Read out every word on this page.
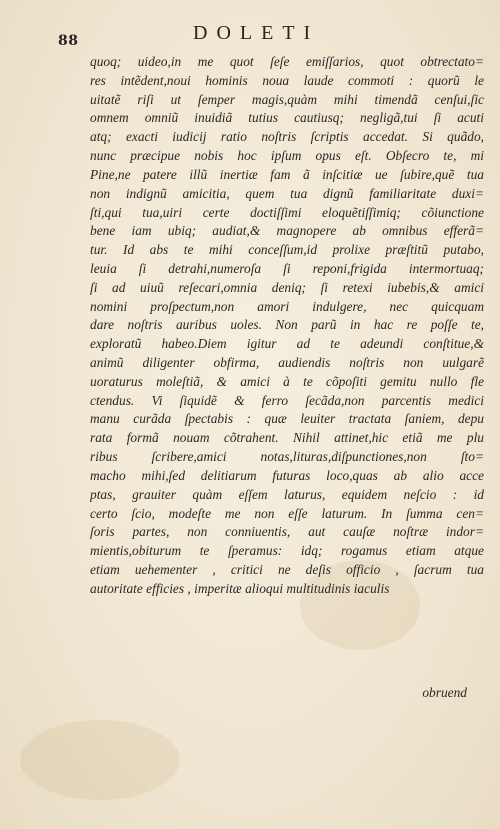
88	DOLETI
quoq; uideo,in me quot ſeſe emiſſarios, quot obtrectato=
res intẽdent,noui hominis noua laude commoti : quorũ le
uitatẽ riſi ut ſemper magis,quàm mihi timendã cenſui,ſic
omnem omniũ inuidiã tutius cautiusq; negligã,tui ſi acuti
atq; exacti iudicij ratio noſtris ſcriptis accedat. Si quãdo,
nunc præcipue nobis hoc ipſum opus eſt. Obſecro te, mi
Pine,ne patere illũ inertiæ fam ã inſcitiæ ue ſubire,quẽ tua
non indignũ amicitia, quem tua dignũ familiaritate duxi=
ſti,qui tua,uiri certe doctiſſimi eloquẽtiſſimiq; cõiunctione
bene iam ubiq; audiat,& magnopere ab omnibus efferã=
tur. Id abs te mihi conceſſum,id prolixe præſtitũ putabo,
leuia ſi detrahi,numeroſa ſi reponi,frigida intermortuaq;
ſi ad uiuũ reſecari,omnia deniq; ſi retexi iubebis,& amici
nomini proſpectum,non amori indulgere, nec quicquam
dare noſtris auribus uoles. Non parũ in hac re poſſe te,
exploratũ habeo.Diem igitur ad te adeundi conſtitue,&
animũ diligenter obfirma, audiendis noſtris non uulgarẽ
uoraturus moleſtiã, & amici à te cõpoſiti gemitu nullo fle
ctendus. Vi ſiquidẽ & ferro ſecãda,non parcentis medici
manu curãda ſpectabis : quæ leuiter tractata ſaniem, depu
rata formã nouam cõtrahent. Nihil attinet,hic etiã me plu
ribus ſcribere,amici notas,lituras,diſpunctiones,non ſto=
macho mihi,ſed delitiarum futuras loco,quas ab alio acce
ptas, grauiter quàm eſſem laturus, equidem neſcio : id
certo ſcio, modeſte me non eſſe laturum. In ſumma cen=
ſoris partes, non conniuentis, aut cauſæ noſtræ indor=
mientis,obiturum te ſperamus: idq; rogamus etiam atque
etiam uehementer , critici ne deſis officio , ſacrum tua
autoritate efficies , imperitæ alioqui multitudinis iaculis
obruend
